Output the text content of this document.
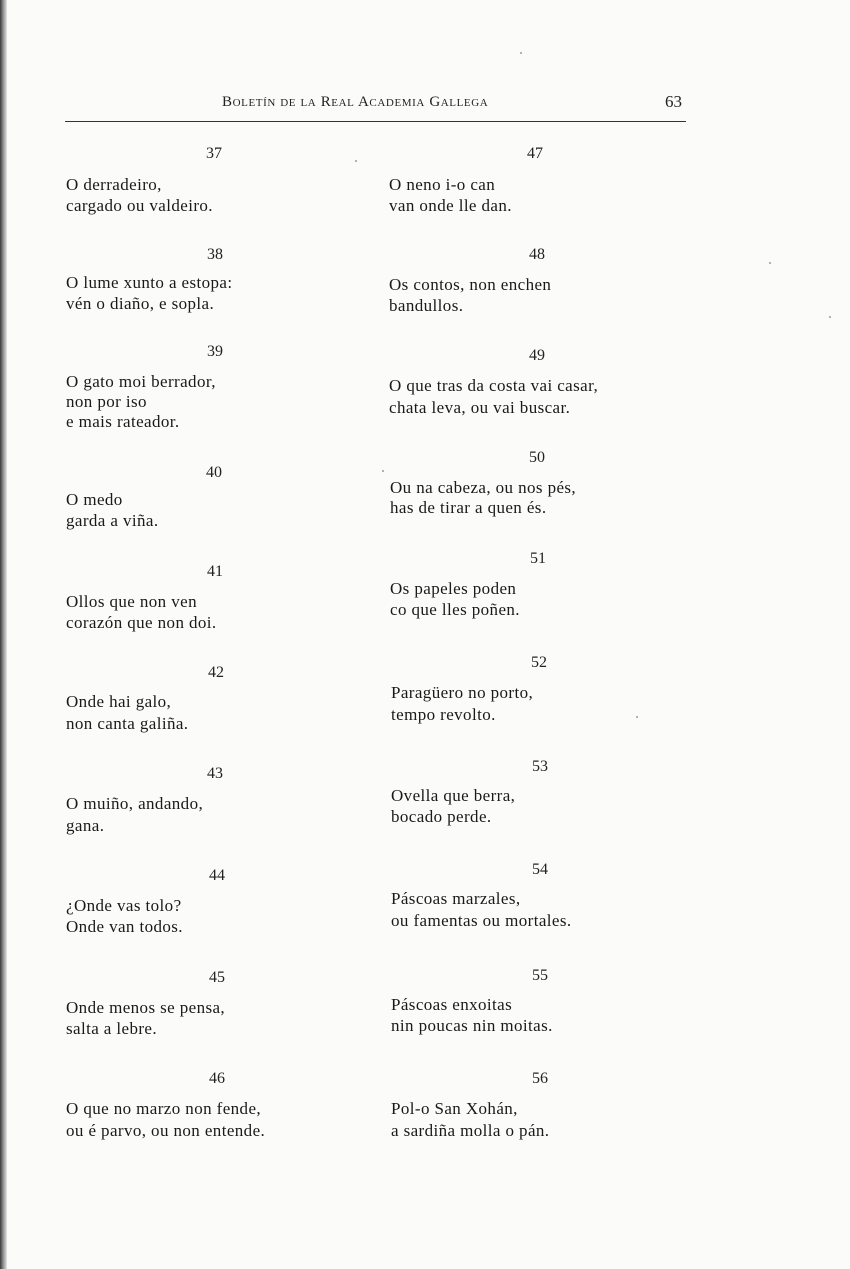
Boletín de la Real Academia Gallega	63
37
O derradeiro,
cargado ou valdeiro.
38
O lume xunto a estopa:
vén o diaño, e sopla.
39
O gato moi berrador,
non por iso
e mais rateador.
40
O medo
garda a viña.
41
Ollos que non ven
corazón que non doi.
42
Onde hai galo,
non canta galiña.
43
O muiño, andando,
gana.
44
¿Onde vas tolo?
Onde van todos.
45
Onde menos se pensa,
salta a lebre.
46
O que no marzo non fende,
ou é parvo, ou non entende.
47
O neno i-o can
van onde lle dan.
48
Os contos, non enchen
bandullos.
49
O que tras da costa vai casar,
chata leva, ou vai buscar.
50
Ou na cabeza, ou nos pés,
has de tirar a quen és.
51
Os papeles poden
co que lles poñen.
52
Paragüero no porto,
tempo revolto.
53
Ovella que berra,
bocado perde.
54
Páscoas marzales,
ou famentas ou mortales.
55
Páscoas enxoitas
nin poucas nin moitas.
56
Pol-o San Xohán,
a sardiña molla o pán.
